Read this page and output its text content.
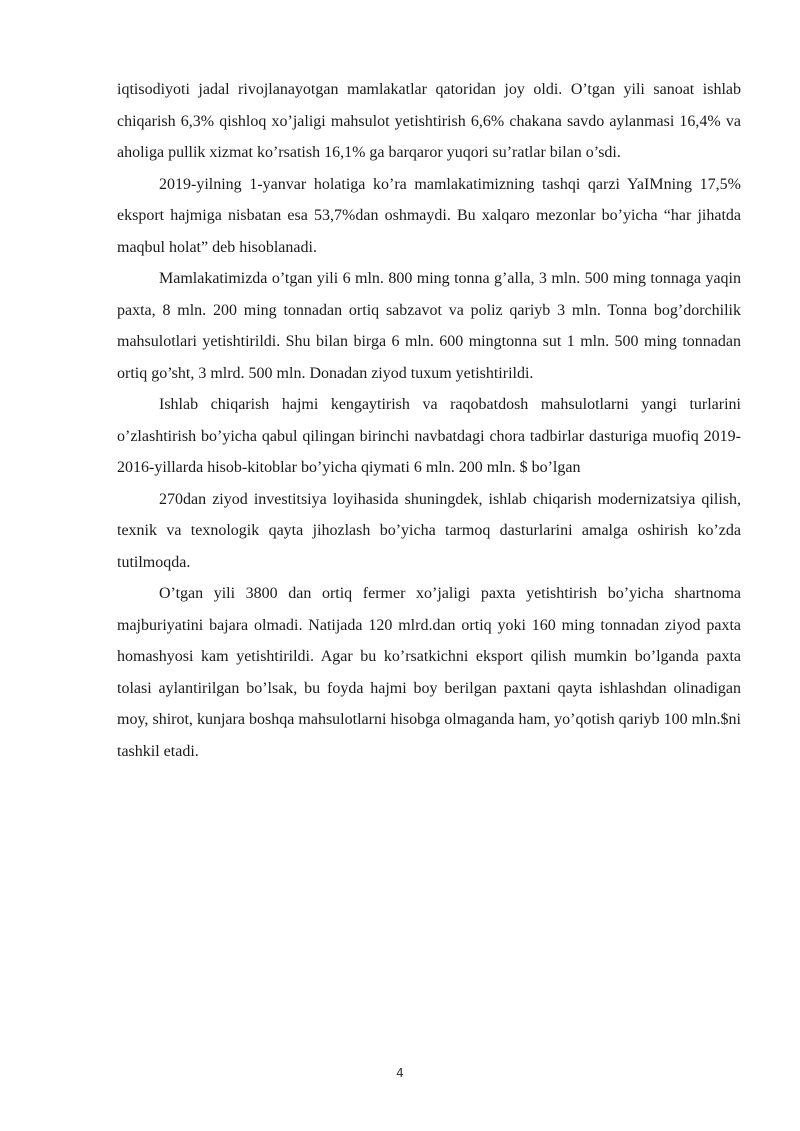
iqtisodiyoti jadal rivojlanayotgan mamlakatlar qatoridan joy oldi. O’tgan yili sanoat ishlab chiqarish 6,3% qishloq xo’jaligi mahsulot yetishtirish 6,6% chakana savdo aylanmasi 16,4% va aholiga pullik xizmat ko’rsatish 16,1% ga barqaror yuqori su’ratlar bilan o’sdi.

2019-yilning 1-yanvar holatiga ko’ra mamlakatimizning tashqi qarzi YaIMning 17,5% eksport hajmiga nisbatan esa 53,7%dan oshmaydi. Bu xalqaro mezonlar bo’yicha “har jihatda maqbul holat” deb hisoblanadi.

Mamlakatimizda o’tgan yili 6 mln. 800 ming tonna g’alla, 3 mln. 500 ming tonnaga yaqin paxta, 8 mln. 200 ming tonnadan ortiq sabzavot va poliz qariyb 3 mln. Tonna bog’dorchilik mahsulotlari yetishtirildi. Shu bilan birga 6 mln. 600 mingtonna sut 1 mln. 500 ming tonnadan ortiq go’sht, 3 mlrd. 500 mln. Donadan ziyod tuxum yetishtirildi.

Ishlab chiqarish hajmi kengaytirish va raqobatdosh mahsulotlarni yangi turlarini o’zlashtirish bo’yicha qabul qilingan birinchi navbatdagi chora tadbirlar dasturiga muofiq 2019-2016-yillarda hisob-kitoblar bo’yicha qiymati 6 mln. 200 mln. $ bo’lgan

270dan ziyod investitsiya loyihasida shuningdek, ishlab chiqarish modernizatsiya qilish, texnik va texnologik qayta jihozlash bo’yicha tarmoq dasturlarini amalga oshirish ko’zda tutilmoqda.

O’tgan yili 3800 dan ortiq fermer xo’jaligi paxta yetishtirish bo’yicha shartnoma majburiyatini bajara olmadi. Natijada 120 mlrd.dan ortiq yoki 160 ming tonnadan ziyod paxta homashyosi kam yetishtirildi. Agar bu ko’rsatkichni eksport qilish mumkin bo’lganda paxta tolasi aylantirilgan bo’lsak, bu foyda hajmi boy berilgan paxtani qayta ishlashdan olinadigan moy, shirot, kunjara boshqa mahsulotlarni hisobga olmaganda ham, yo’qotish qariyb 100 mln.$ni tashkil etadi.

4
